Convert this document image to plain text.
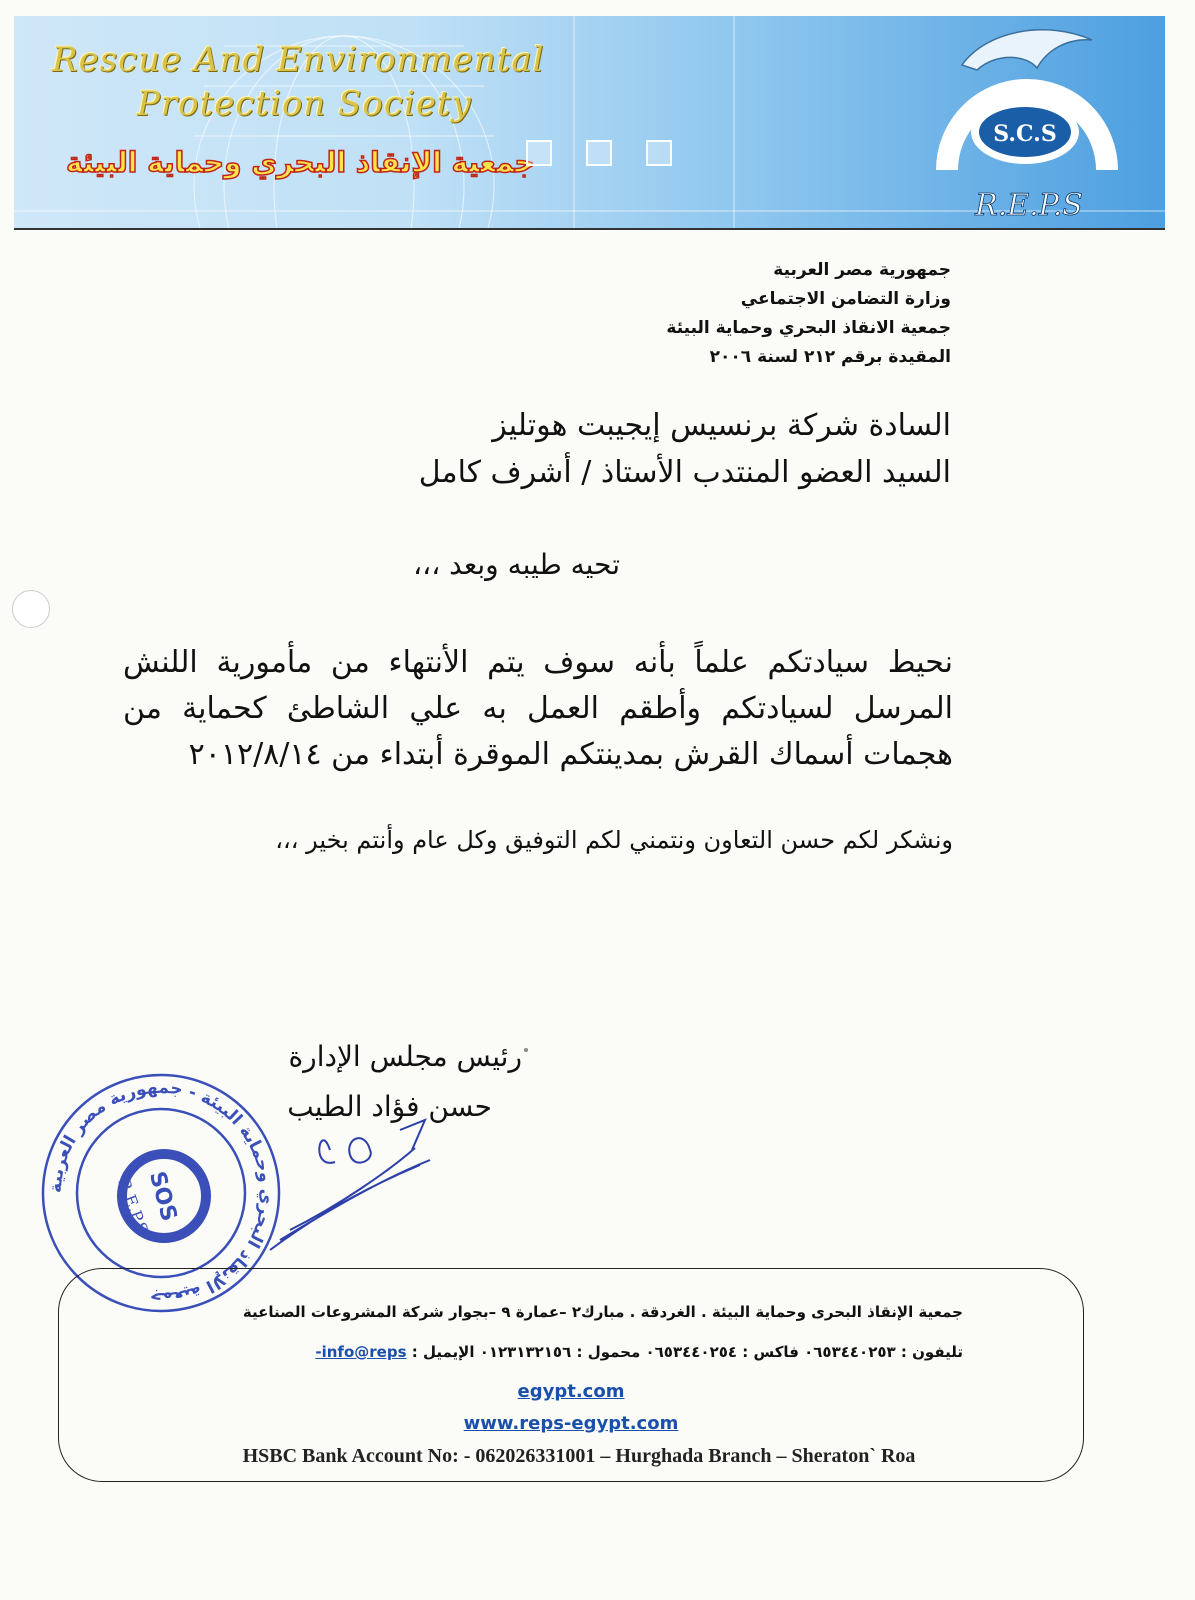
Rescue And Environmental
Protection Society
جمعية الإنقاذ البحري وحماية البيئة
S.C.S
R.E.P.S
جمهورية مصر العربية
وزارة التضامن الاجتماعي
جمعية الانقاذ البحري وحماية البيئة
المقيدة برقم ٢١٢ لسنة ٢٠٠٦
السادة شركة برنسيس إيجيبت هوتليز
السيد العضو المنتدب الأستاذ / أشرف كامل
تحيه طيبه وبعد ،،،
نحيط سيادتكم علماً بأنه سوف يتم الأنتهاء من مأمورية اللنش المرسل لسيادتكم وأطقم العمل به علي الشاطئ كحماية من هجمات أسماك القرش بمدينتكم الموقرة أبتداء من ٢٠١٢/٨/١٤
ونشكر لكم حسن التعاون ونتمني لكم التوفيق وكل عام وأنتم بخير ،،،
رئيس مجلس الإدارة
حسن فؤاد الطيب
جمعية الإنقاذ البحري وحماية البيئة - جمهورية مصر العربية
SOS
R.E.P.S
جمعية الإنقاذ البحرى وحماية البيئة . الغردقة . مبارك٢ –عمارة ٩ –بجوار شركة المشروعات الصناعية
تليفون : ٠٦٥٣٤٤٠٢٥٣ فاكس : ٠٦٥٣٤٤٠٢٥٤ محمول : ٠١٢٣١٣٢١٥٦ الإيميل : info@reps-
egypt.com
www.reps-egypt.com
HSBC Bank Account No: - 062026331001 – Hurghada Branch – Sheraton` Roa
